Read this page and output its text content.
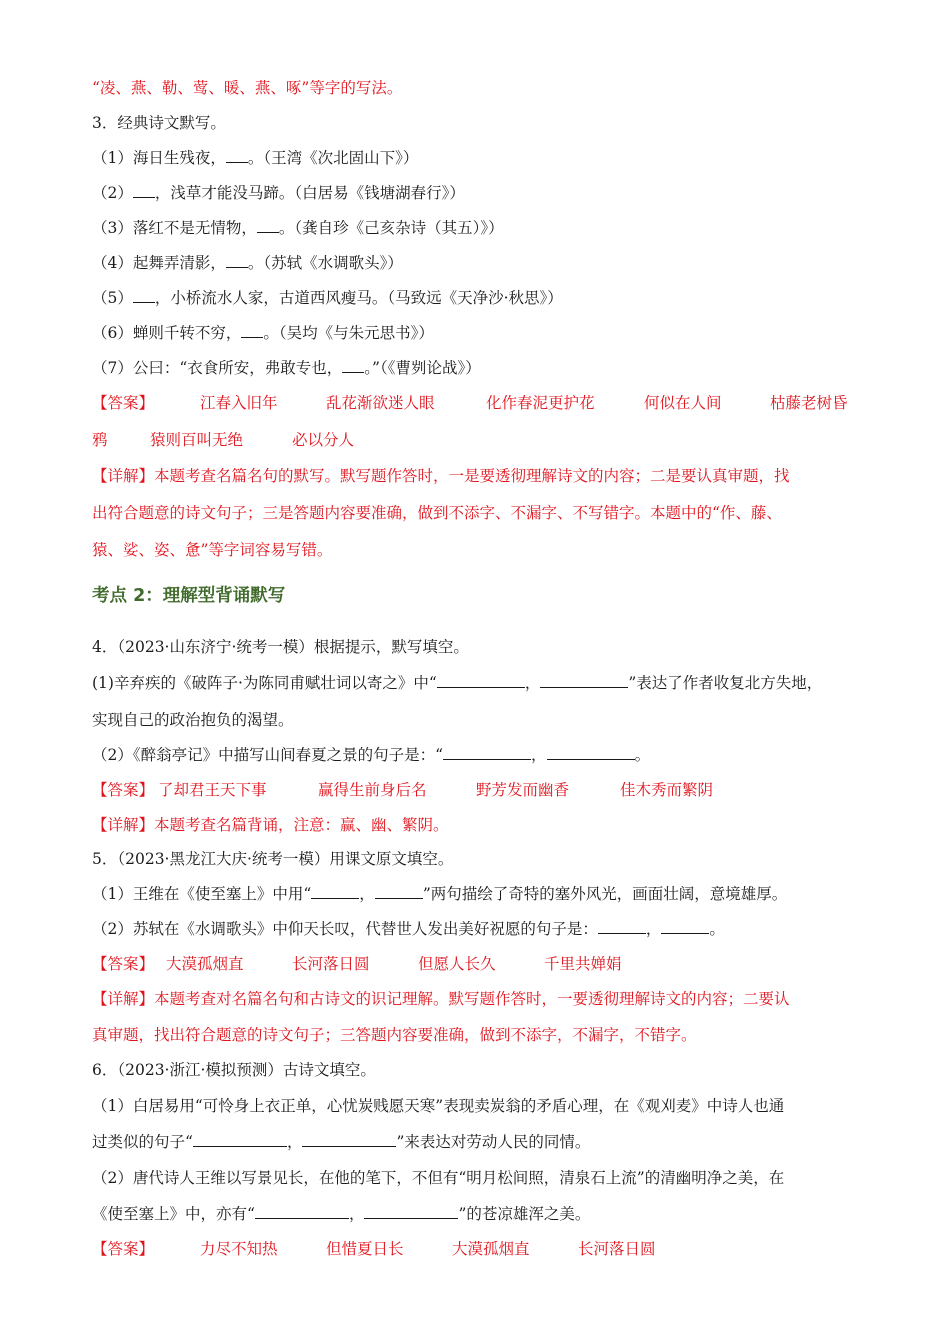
“凌、燕、勒、莺、暖、燕、啄”等字的写法。
3．经典诗文默写。
（1）海日生残夜， 。（王湾《次北固山下》）
（2） ，浅草才能没马蹄。（白居易《钱塘湖春行》）
（3）落红不是无情物， 。（龚自珍《己亥杂诗（其五）》）
（4）起舞弄清影， 。（苏轼《水调歌头》）
（5） ，小桥流水人家，古道西风瘦马。（马致远《天净沙·秋思》）
（6）蝉则千转不穷， 。（吴均《与朱元思书》）
（7）公曰：“衣食所安，弗敢专也， 。”（《曹刿论战》）
【答案】	江春入旧年	乱花渐欲迷人眼	化作春泥更护花	何似在人间	枯藤老树昏
鸦	猿则百叫无绝	必以分人
【详解】本题考查名篇名句的默写。默写题作答时，一是要透彻理解诗文的内容；二是要认真审题，找
出符合题意的诗文句子；三是答题内容要准确，做到不添字、不漏字、不写错字。本题中的“作、藤、
猿、娑、姿、惫”等字词容易写错。
考点 2：理解型背诵默写
4．（2023·山东济宁·统考一模）根据提示，默写填空。
(1)辛弃疾的《破阵子·为陈同甫赋壮词以寄之》中“	，	”表达了作者收复北方失地，
实现自己的政治抱负的渴望。
（2）《醉翁亭记》中描写山间春夏之景的句子是：“	，	。
【答案】 了却君王天下事	赢得生前身后名	野芳发而幽香	佳木秀而繁阴
【详解】本题考查名篇背诵，注意：赢、幽、繁阴。
5．（2023·黑龙江大庆·统考一模）用课文原文填空。
（1）王维在《使至塞上》中用“	，	”两句描绘了奇特的塞外风光，画面壮阔，意境雄厚。
（2）苏轼在《水调歌头》中仰天长叹，代替世人发出美好祝愿的句子是：	，	。
【答案】 大漠孤烟直	长河落日圆	但愿人长久	千里共婵娟
【详解】本题考查对名篇名句和古诗文的识记理解。默写题作答时，一要透彻理解诗文的内容；二要认
真审题，找出符合题意的诗文句子；三答题内容要准确，做到不添字，不漏字，不错字。
6．（2023·浙江·模拟预测）古诗文填空。
（1）白居易用“可怜身上衣正单，心忧炭贱愿天寒”表现卖炭翁的矛盾心理，在《观刈麦》中诗人也通
过类似的句子“	，	”来表达对劳动人民的同情。
（2）唐代诗人王维以写景见长，在他的笔下，不但有“明月松间照，清泉石上流”的清幽明净之美，在
《使至塞上》中，亦有“	，	”的苍凉雄浑之美。
【答案】	力尽不知热	但惜夏日长	大漠孤烟直	长河落日圆
